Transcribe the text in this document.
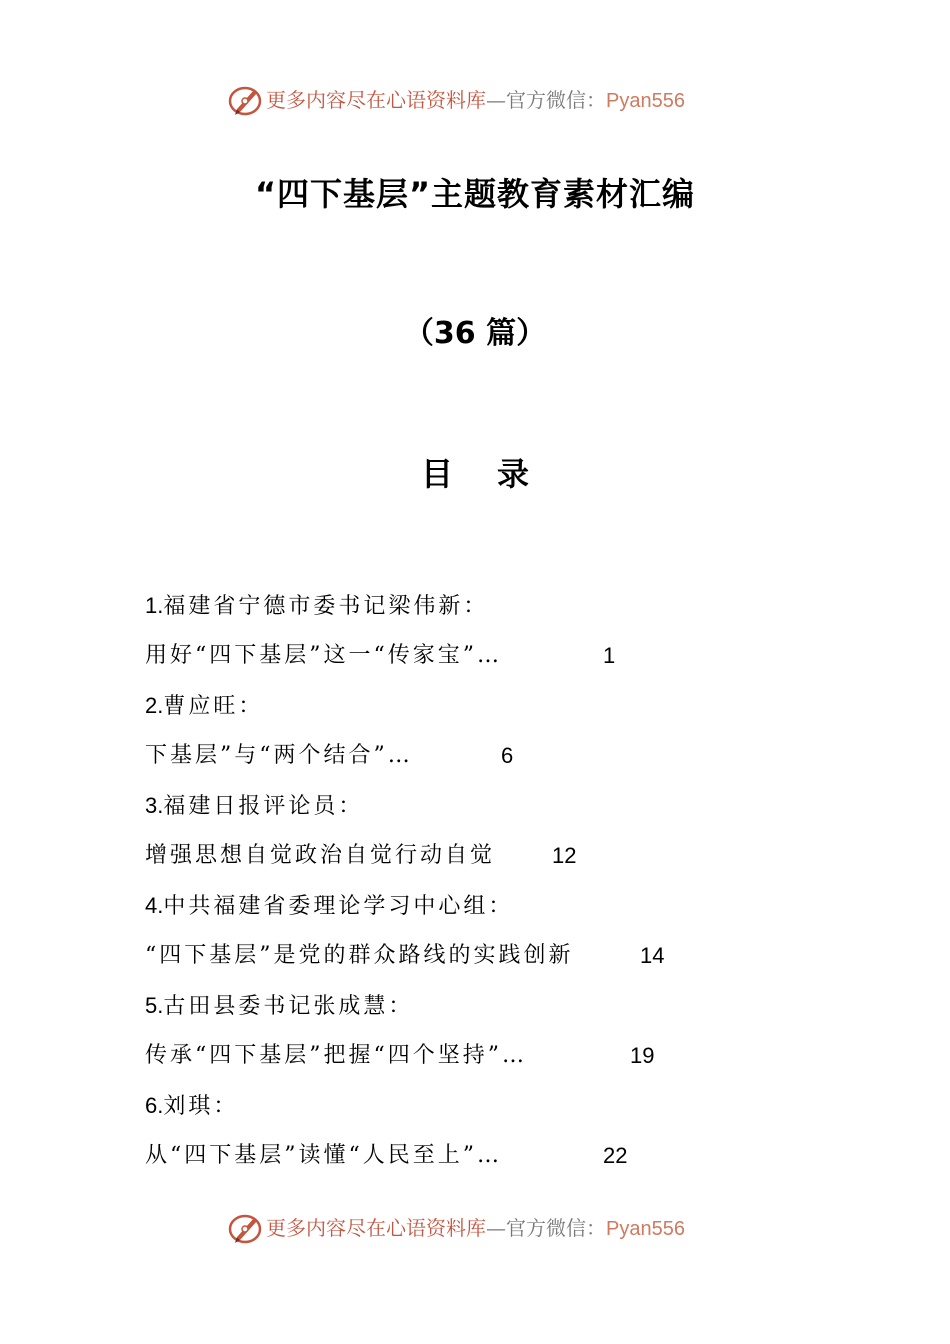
更多内容尽在心语资料库—官方微信：Pyan556
“四下基层”主题教育素材汇编
（36 篇）
目 录
1.福建省宁德市委书记梁伟新：
用好“四下基层”这一“传家宝”…	1
2.曹应旺：
下基层”与“两个结合”…	6
3.福建日报评论员：
增强思想自觉政治自觉行动自觉	12
4.中共福建省委理论学习中心组：
“四下基层”是党的群众路线的实践创新	14
5.古田县委书记张成慧：
传承“四下基层”把握“四个坚持”…	19
6.刘琪：
从“四下基层”读懂“人民至上”…	22
更多内容尽在心语资料库—官方微信：Pyan556
